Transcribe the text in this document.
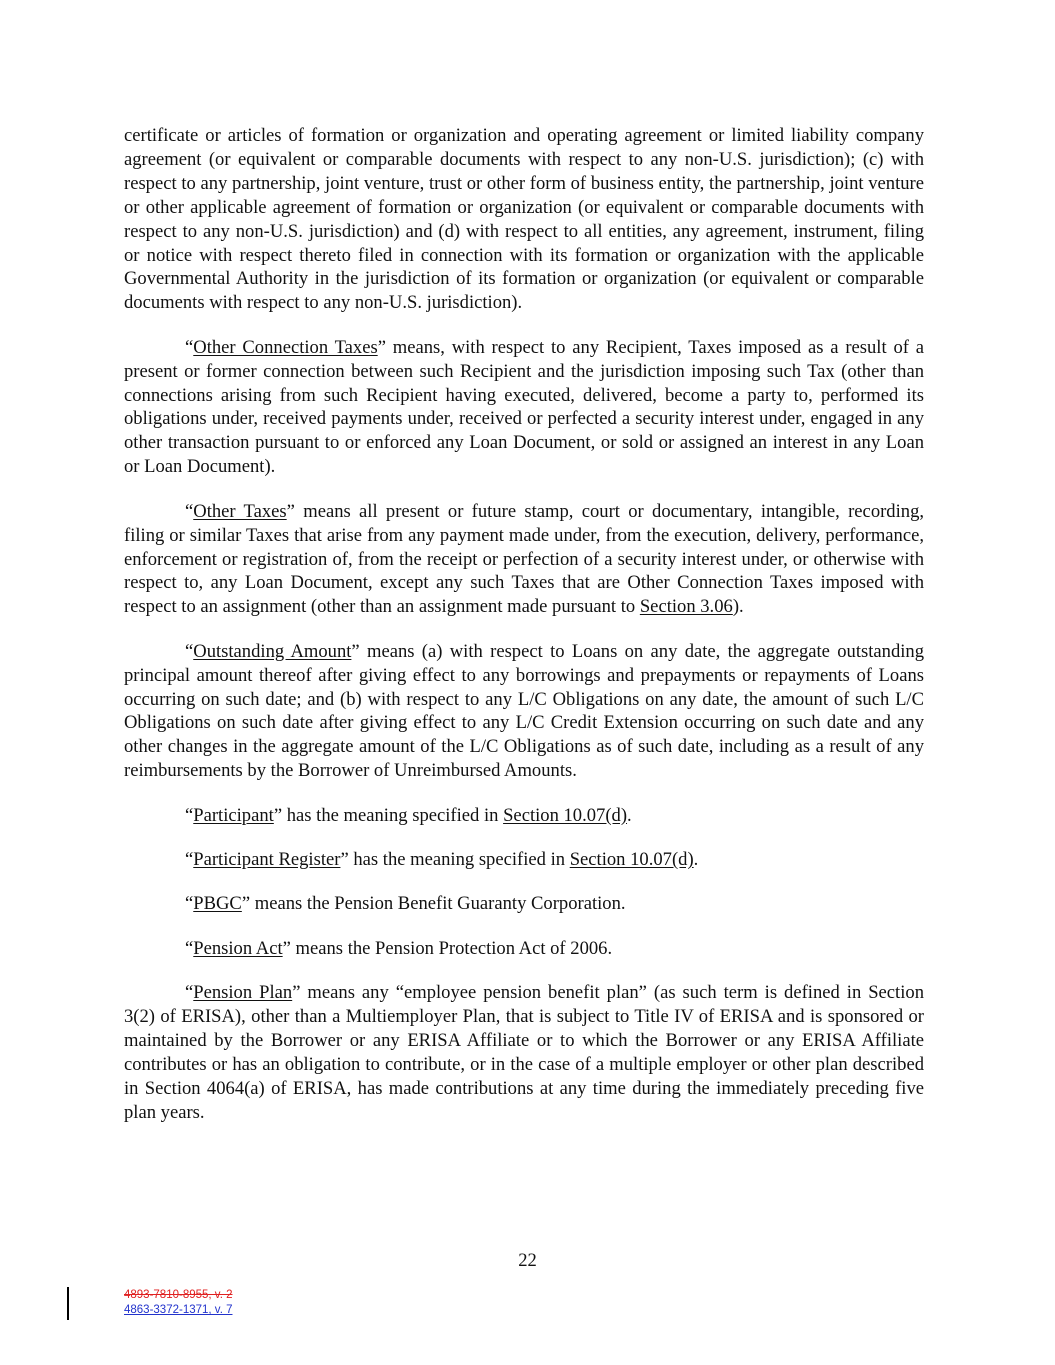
certificate or articles of formation or organization and operating agreement or limited liability company agreement (or equivalent or comparable documents with respect to any non-U.S. jurisdiction); (c) with respect to any partnership, joint venture, trust or other form of business entity, the partnership, joint venture or other applicable agreement of formation or organization (or equivalent or comparable documents with respect to any non-U.S. jurisdiction) and (d) with respect to all entities, any agreement, instrument, filing or notice with respect thereto filed in connection with its formation or organization with the applicable Governmental Authority in the jurisdiction of its formation or organization (or equivalent or comparable documents with respect to any non-U.S. jurisdiction).

“Other Connection Taxes” means, with respect to any Recipient, Taxes imposed as a result of a present or former connection between such Recipient and the jurisdiction imposing such Tax (other than connections arising from such Recipient having executed, delivered, become a party to, performed its obligations under, received payments under, received or perfected a security interest under, engaged in any other transaction pursuant to or enforced any Loan Document, or sold or assigned an interest in any Loan or Loan Document).

“Other Taxes” means all present or future stamp, court or documentary, intangible, recording, filing or similar Taxes that arise from any payment made under, from the execution, delivery, performance, enforcement or registration of, from the receipt or perfection of a security interest under, or otherwise with respect to, any Loan Document, except any such Taxes that are Other Connection Taxes imposed with respect to an assignment (other than an assignment made pursuant to Section 3.06).

“Outstanding Amount” means (a) with respect to Loans on any date, the aggregate outstanding principal amount thereof after giving effect to any borrowings and prepayments or repayments of Loans occurring on such date; and (b) with respect to any L/C Obligations on any date, the amount of such L/C Obligations on such date after giving effect to any L/C Credit Extension occurring on such date and any other changes in the aggregate amount of the L/C Obligations as of such date, including as a result of any reimbursements by the Borrower of Unreimbursed Amounts.

“Participant” has the meaning specified in Section 10.07(d).

“Participant Register” has the meaning specified in Section 10.07(d).

“PBGC” means the Pension Benefit Guaranty Corporation.

“Pension Act” means the Pension Protection Act of 2006.

“Pension Plan” means any “employee pension benefit plan” (as such term is defined in Section 3(2) of ERISA), other than a Multiemployer Plan, that is subject to Title IV of ERISA and is sponsored or maintained by the Borrower or any ERISA Affiliate or to which the Borrower or any ERISA Affiliate contributes or has an obligation to contribute, or in the case of a multiple employer or other plan described in Section 4064(a) of ERISA, has made contributions at any time during the immediately preceding five plan years.

22
4893-7810-8955, v. 2
4863-3372-1371, v. 7
